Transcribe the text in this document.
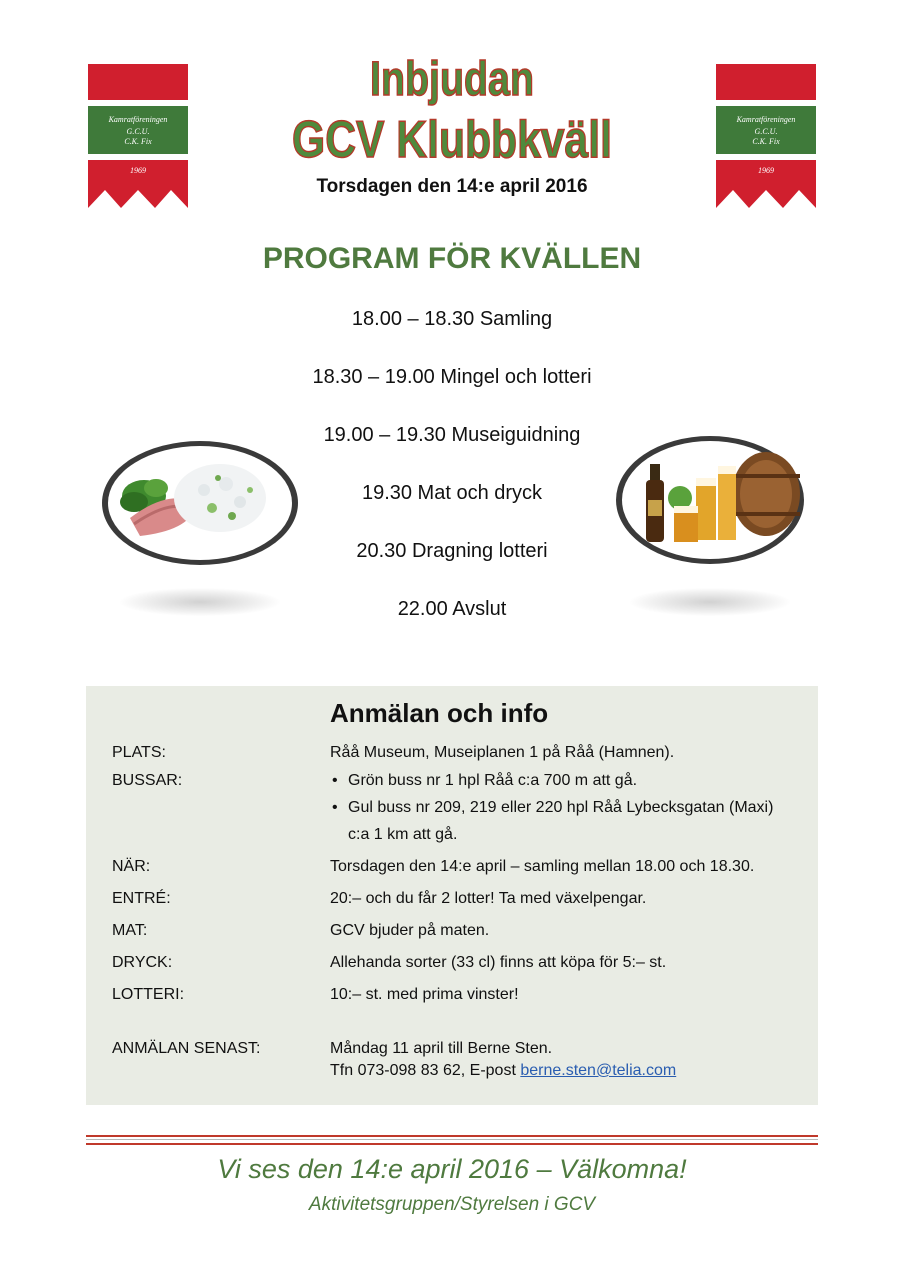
Kamratföreningen
G.C.U.
C.K. Fix
1969
Kamratföreningen
G.C.U.
C.K. Fix
1969
Inbjudan
GCV Klubbkväll
Torsdagen den 14:e april 2016
PROGRAM FÖR KVÄLLEN
18.00 – 18.30 Samling
18.30 – 19.00 Mingel och lotteri
19.00 – 19.30 Museiguidning
19.30 Mat och dryck
20.30 Dragning lotteri
22.00 Avslut
Anmälan och info
PLATS:	Råå Museum, Museiplanen 1 på Råå (Hamnen).
BUSSAR:	• Grön buss nr 1 hpl Råå c:a 700 m att gå.
• Gul buss nr 209, 219 eller 220 hpl Råå Lybecksgatan (Maxi)
c:a 1 km att gå.
NÄR:	Torsdagen den 14:e april – samling mellan 18.00 och 18.30.
ENTRÉ:	20:– och du får 2 lotter! Ta med växelpengar.
MAT:	GCV bjuder på maten.
DRYCK:	Allehanda sorter (33 cl) finns att köpa för 5:– st.
LOTTERI:	10:– st. med prima vinster!
ANMÄLAN SENAST:	Måndag 11 april till Berne Sten.
Tfn 073-098 83 62, E-post berne.sten@telia.com
Vi ses den 14:e april 2016 – Välkomna!
Aktivitetsgruppen/Styrelsen i GCV
